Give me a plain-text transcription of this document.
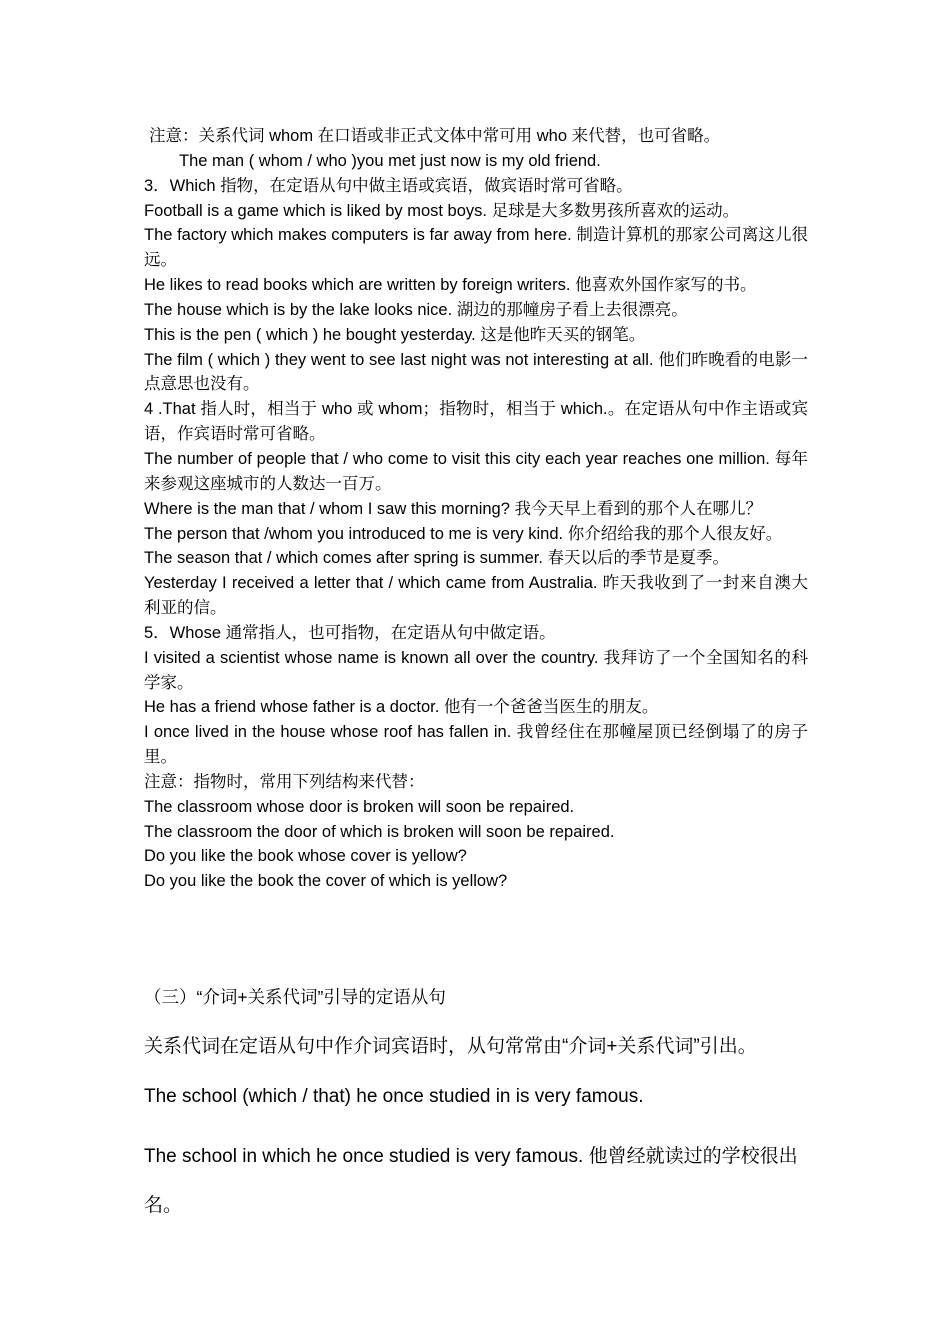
注意：关系代词 whom 在口语或非正式文体中常可用 who 来代替，也可省略。

The man ( whom / who )you met just now is my old friend.

3．Which 指物，在定语从句中做主语或宾语，做宾语时常可省略。

Football is a game which is liked by most boys. 足球是大多数男孩所喜欢的运动。

The factory which makes computers is far away from here. 制造计算机的那家公司离这儿很远。

He likes to read books which are written by foreign writers. 他喜欢外国作家写的书。

The house which is by the lake looks nice. 湖边的那幢房子看上去很漂亮。

This is the pen ( which ) he bought yesterday. 这是他昨天买的钢笔。

The film ( which ) they went to see last night was not interesting at all. 他们昨晚看的电影一点意思也没有。

4 .That 指人时，相当于 who 或 whom；指物时，相当于 which.。在定语从句中作主语或宾语，作宾语时常可省略。

The number of people that / who come to visit this city each year reaches one million. 每年来参观这座城市的人数达一百万。

Where is the man that / whom I saw this morning? 我今天早上看到的那个人在哪儿？

The person that /whom you introduced to me is very kind. 你介绍给我的那个人很友好。

The season that / which comes after spring is summer. 春天以后的季节是夏季。

Yesterday I received a letter that / which came from Australia. 昨天我收到了一封来自澳大利亚的信。

5．Whose 通常指人，也可指物，在定语从句中做定语。

I visited a scientist whose name is known all over the country. 我拜访了一个全国知名的科学家。

He has a friend whose father is a doctor. 他有一个爸爸当医生的朋友。

I once lived in the house whose roof has fallen in. 我曾经住在那幢屋顶已经倒塌了的房子里。

注意：指物时，常用下列结构来代替：

The classroom whose door is broken will soon be repaired.

The classroom the door of which is broken will soon be repaired.

Do you like the book whose cover is yellow?

Do you like the book the cover of which is yellow?

（三）“介词+关系代词”引导的定语从句

关系代词在定语从句中作介词宾语时，从句常常由“介词+关系代词”引出。

The school (which / that) he once studied in is very famous.

The school in which he once studied is very famous. 他曾经就读过的学校很出名。
